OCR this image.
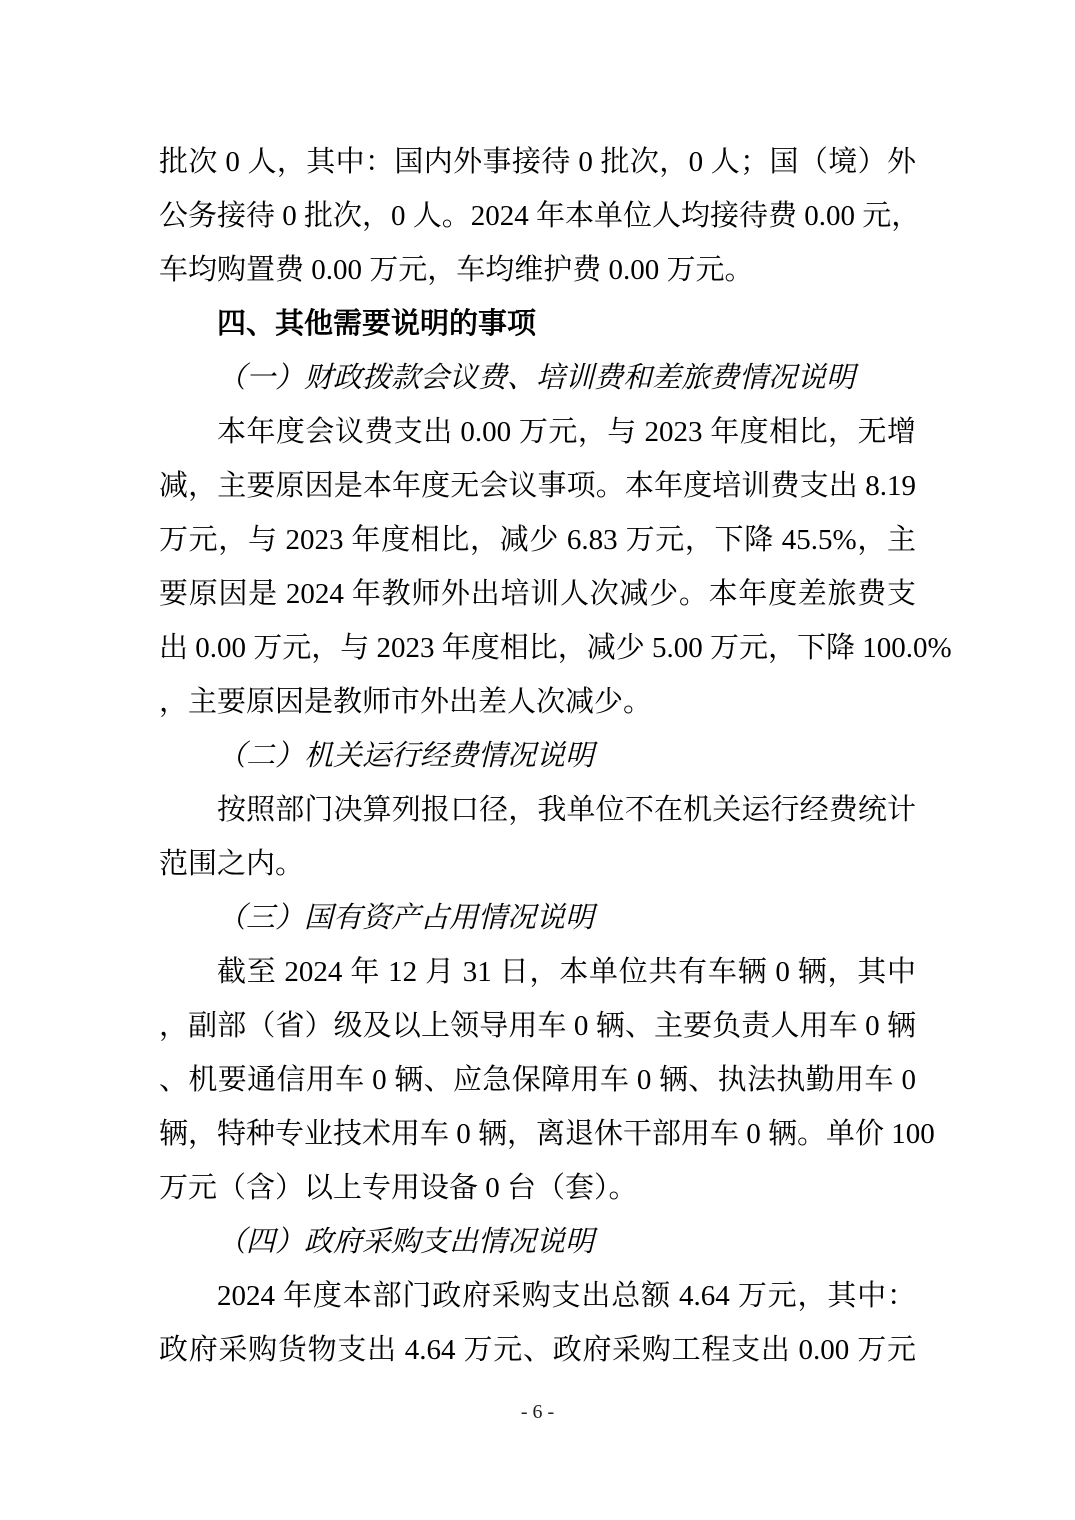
批次 0 人，其中：国内外事接待 0 批次，0 人；国（境）外
公务接待 0 批次，0 人。2024 年本单位人均接待费 0.00 元，
车均购置费 0.00 万元，车均维护费 0.00 万元。
四、其他需要说明的事项
（一）财政拨款会议费、培训费和差旅费情况说明
本年度会议费支出 0.00 万元，与 2023 年度相比，无增
减，主要原因是本年度无会议事项。本年度培训费支出 8.19
万元，与 2023 年度相比，减少 6.83 万元，下降 45.5%，主
要原因是 2024 年教师外出培训人次减少。本年度差旅费支
出 0.00 万元，与 2023 年度相比，减少 5.00 万元，下降 100.0%
，主要原因是教师市外出差人次减少。
（二）机关运行经费情况说明
按照部门决算列报口径，我单位不在机关运行经费统计
范围之内。
（三）国有资产占用情况说明
截至 2024 年 12 月 31 日，本单位共有车辆 0 辆，其中
，副部（省）级及以上领导用车 0 辆、主要负责人用车 0 辆
、机要通信用车 0 辆、应急保障用车 0 辆、执法执勤用车 0
辆，特种专业技术用车 0 辆，离退休干部用车 0 辆。单价 100
万元（含）以上专用设备 0 台（套）。
（四）政府采购支出情况说明
2024 年度本部门政府采购支出总额 4.64 万元，其中：
政府采购货物支出 4.64 万元、政府采购工程支出 0.00 万元
- 6 -
